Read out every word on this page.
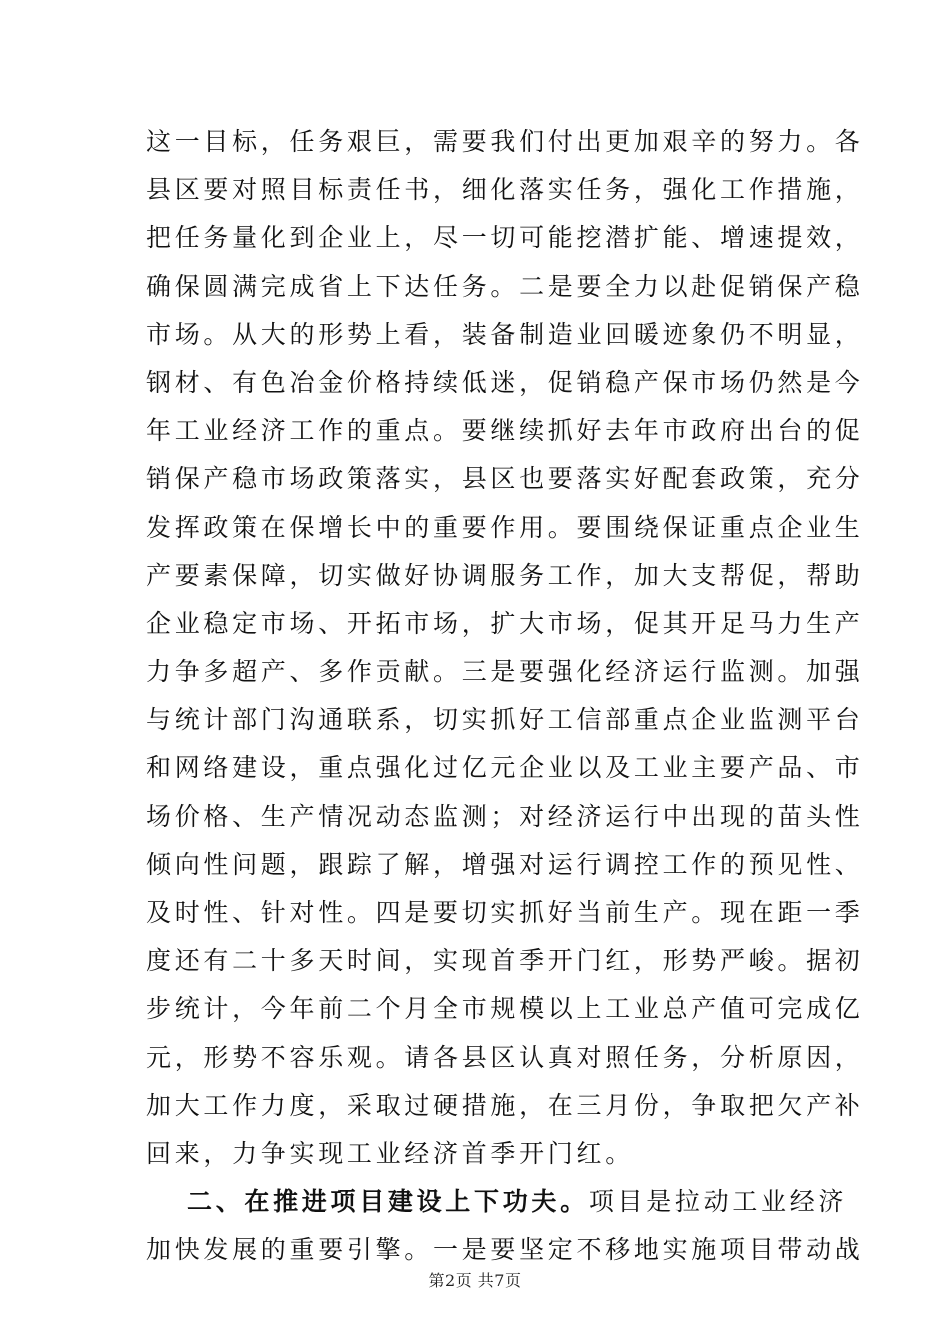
这一目标，任务艰巨，需要我们付出更加艰辛的努力。各
县区要对照目标责任书，细化落实任务，强化工作措施，
把任务量化到企业上，尽一切可能挖潜扩能、增速提效，
确保圆满完成省上下达任务。二是要全力以赴促销保产稳
市场。从大的形势上看，装备制造业回暖迹象仍不明显，
钢材、有色冶金价格持续低迷，促销稳产保市场仍然是今
年工业经济工作的重点。要继续抓好去年市政府出台的促
销保产稳市场政策落实，县区也要落实好配套政策，充分
发挥政策在保增长中的重要作用。要围绕保证重点企业生
产要素保障，切实做好协调服务工作，加大支帮促，帮助
企业稳定市场、开拓市场，扩大市场，促其开足马力生产
力争多超产、多作贡献。三是要强化经济运行监测。加强
与统计部门沟通联系，切实抓好工信部重点企业监测平台
和网络建设，重点强化过亿元企业以及工业主要产品、市
场价格、生产情况动态监测；对经济运行中出现的苗头性
倾向性问题，跟踪了解，增强对运行调控工作的预见性、
及时性、针对性。四是要切实抓好当前生产。现在距一季
度还有二十多天时间，实现首季开门红，形势严峻。据初
步统计，今年前二个月全市规模以上工业总产值可完成亿
元，形势不容乐观。请各县区认真对照任务，分析原因，
加大工作力度，采取过硬措施，在三月份，争取把欠产补
回来，力争实现工业经济首季开门红。
二、在推进项目建设上下功夫。项目是拉动工业经济
加快发展的重要引擎。一是要坚定不移地实施项目带动战
第2页 共7页
